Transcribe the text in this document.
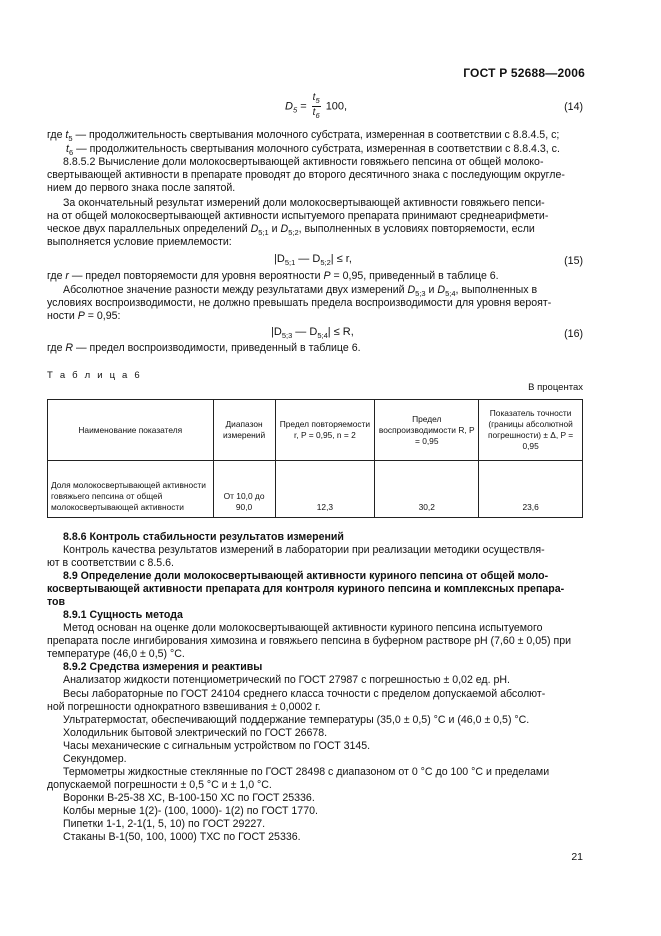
ГОСТ Р 52688—2006
$D_5 = \frac{t_5}{t_6} 100$,	(14)
где $t_5$ — продолжительность свертывания молочного субстрата, измеренная в соответствии с 8.8.4.5, с;
$t_6$ — продолжительность свертывания молочного субстрата, измеренная в соответствии с 8.8.4.3, с.
8.8.5.2 Вычисление доли молокосвертывающей активности говяжьего пепсина от общей молоко-
свертывающей активности в препарате проводят до второго десятичного знака с последующим округле-
нием до первого знака после запятой.
За окончательный результат измерений доли молокосвертывающей активности говяжьего пепси-
на от общей молокосвертывающей активности испытуемого препарата принимают среднеарифмети-
ческое двух параллельных определений $D_{5;1}$ и $D_{5;2}$, выполненных в условиях повторяемости, если
выполняется условие приемлемости:
$|D_{5;1}$ — $D_{5;2}| \le r$,	(15)
где r — предел повторяемости для уровня вероятности P = 0,95, приведенный в таблице 6.
Абсолютное значение разности между результатами двух измерений $D_{5;3}$ и $D_{5;4}$, выполненных в
условиях воспроизводимости, не должно превышать предела воспроизводимости для уровня вероят-
ности P = 0,95:
$|D_{5;3}$ — $D_{5;4}| \le R$,	(16)
где R — предел воспроизводимости, приведенный в таблице 6.
Т а б л и ц а 6
В процентах
Наименование показателя	Диапазон измерений	Предел повторяемости r, P = 0,95, n = 2	Предел воспроизводимости R, P = 0,95	Показатель точности (границы абсолютной погрешности) ± Δ, P = 0,95
Доля молокосвертывающей активности говяжьего пепсина от общей молокосвертывающей активности	От 10,0 до 90,0	12,3	30,2	23,6
8.8.6 Контроль стабильности результатов измерений
Контроль качества результатов измерений в лаборатории при реализации методики осуществля-
ют в соответствии с 8.5.6.
8.9 Определение доли молокосвертывающей активности куриного пепсина от общей моло-
косвертывающей активности препарата для контроля куриного пепсина и комплексных препара-
тов
8.9.1 Сущность метода
Метод основан на оценке доли молокосвертывающей активности куриного пепсина испытуемого
препарата после ингибирования химозина и говяжьего пепсина в буферном растворе pH (7,60 ± 0,05) при
температуре (46,0 ± 0,5) °С.
8.9.2 Средства измерения и реактивы
Анализатор жидкости потенциометрический по ГОСТ 27987 с погрешностью ± 0,02 ед. pH.
Весы лабораторные по ГОСТ 24104 среднего класса точности с пределом допускаемой абсолют-
ной погрешности однократного взвешивания ± 0,0002 г.
Ультратермостат, обеспечивающий поддержание температуры (35,0 ± 0,5) °С и (46,0 ± 0,5) °С.
Холодильник бытовой электрический по ГОСТ 26678.
Часы механические с сигнальным устройством по ГОСТ 3145.
Секундомер.
Термометры жидкостные стеклянные по ГОСТ 28498 с диапазоном от 0 °С до 100 °С и пределами
допускаемой погрешности ± 0,5 °С и ± 1,0 °С.
Воронки В-25-38 ХС, В-100-150 ХС по ГОСТ 25336.
Колбы мерные 1(2)- (100, 1000)- 1(2) по ГОСТ 1770.
Пипетки 1-1, 2-1(1, 5, 10) по ГОСТ 29227.
Стаканы В-1(50, 100, 1000) ТХС по ГОСТ 25336.
21
